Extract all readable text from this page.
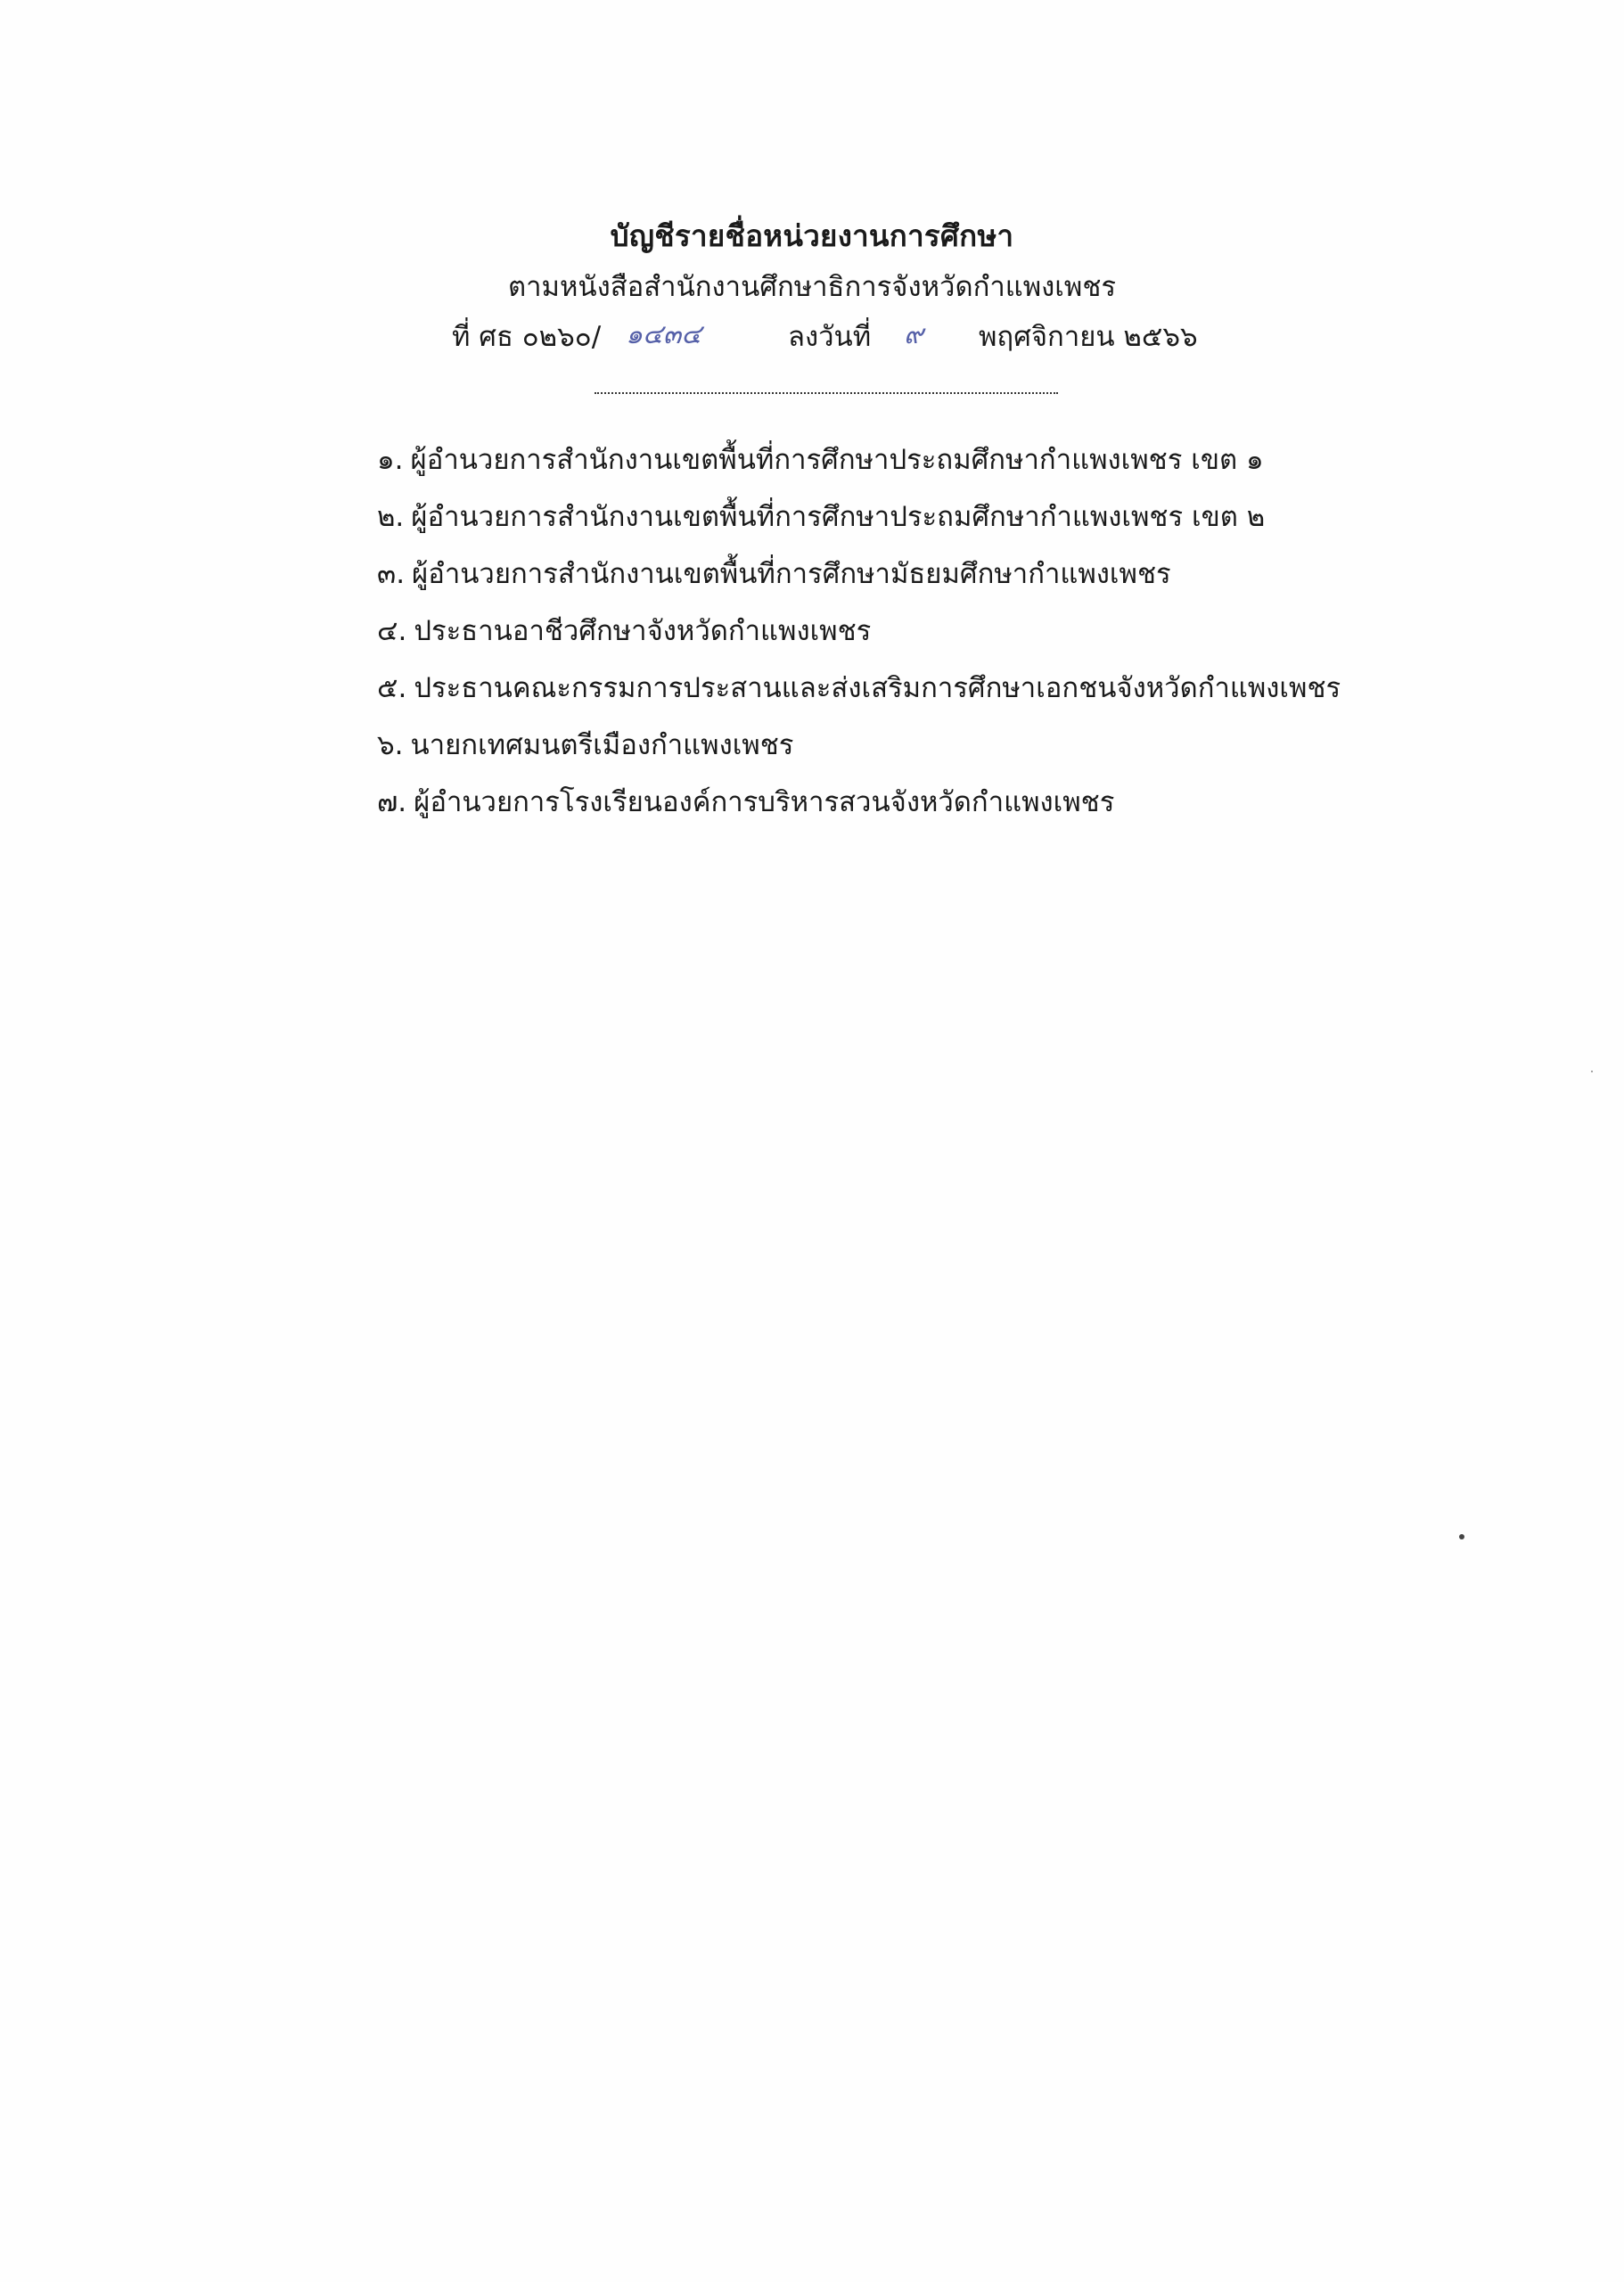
บัญชีรายชื่อหน่วยงานการศึกษา
ตามหนังสือสำนักงานศึกษาธิการจังหวัดกำแพงเพชร
ที่ ศธ ๐๒๖๐/ ๑๔๓๔	ลงวันที่ ๙ พฤศจิกายน ๒๕๖๖
๑. ผู้อำนวยการสำนักงานเขตพื้นที่การศึกษาประถมศึกษากำแพงเพชร เขต ๑
๒. ผู้อำนวยการสำนักงานเขตพื้นที่การศึกษาประถมศึกษากำแพงเพชร เขต ๒
๓. ผู้อำนวยการสำนักงานเขตพื้นที่การศึกษามัธยมศึกษากำแพงเพชร
๔. ประธานอาชีวศึกษาจังหวัดกำแพงเพชร
๕. ประธานคณะกรรมการประสานและส่งเสริมการศึกษาเอกชนจังหวัดกำแพงเพชร
๖. นายกเทศมนตรีเมืองกำแพงเพชร
๗. ผู้อำนวยการโรงเรียนองค์การบริหารสวนจังหวัดกำแพงเพชร
